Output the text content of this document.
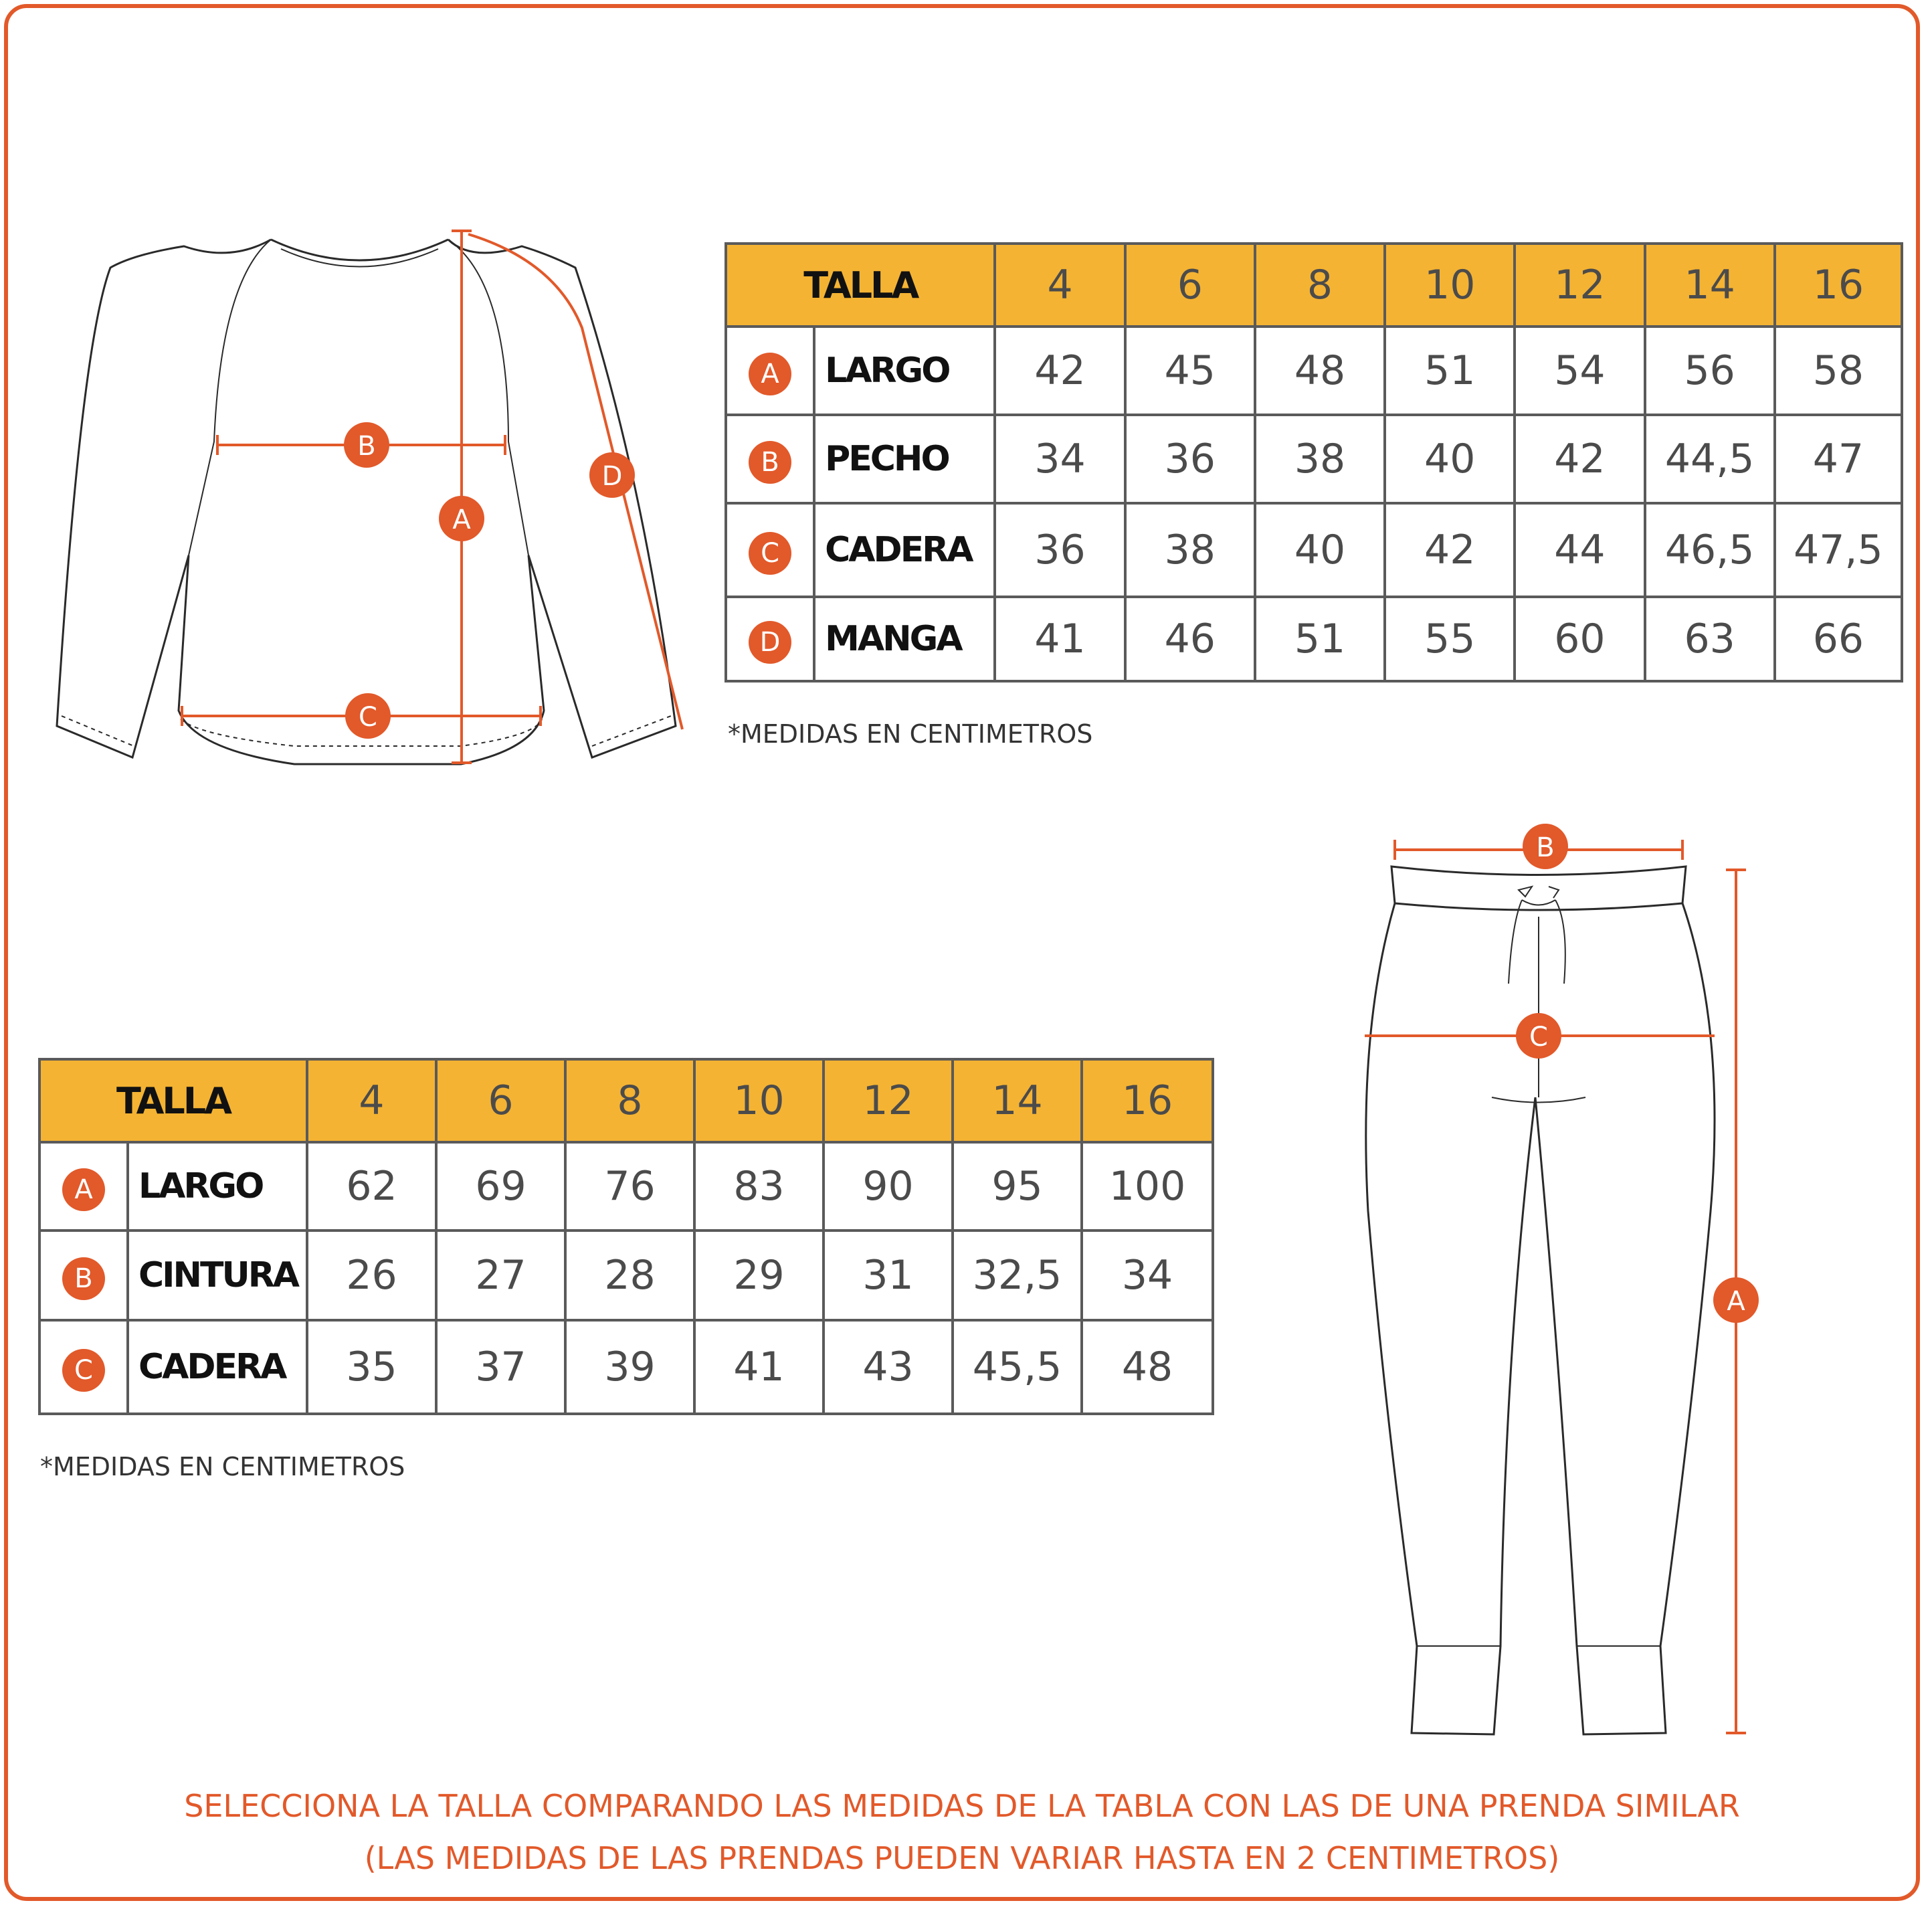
B
A
C
D
TALLA		4	6	8	10	12	14	16
A	LARGO	42	45	48	51	54	56	58
B	PECHO	34	36	38	40	42	44,5	47
C	CADERA	36	38	40	42	44	46,5	47,5
D	MANGA	41	46	51	55	60	63	66
*MEDIDAS EN CENTIMETROS
B
C
A
TALLA		4	6	8	10	12	14	16
A	LARGO	62	69	76	83	90	95	100
B	CINTURA	26	27	28	29	31	32,5	34
C	CADERA	35	37	39	41	43	45,5	48
*MEDIDAS EN CENTIMETROS
SELECCIONA LA TALLA COMPARANDO LAS MEDIDAS DE LA TABLA CON LAS DE UNA PRENDA SIMILAR
(LAS MEDIDAS DE LAS PRENDAS PUEDEN VARIAR HASTA EN 2 CENTIMETROS)
